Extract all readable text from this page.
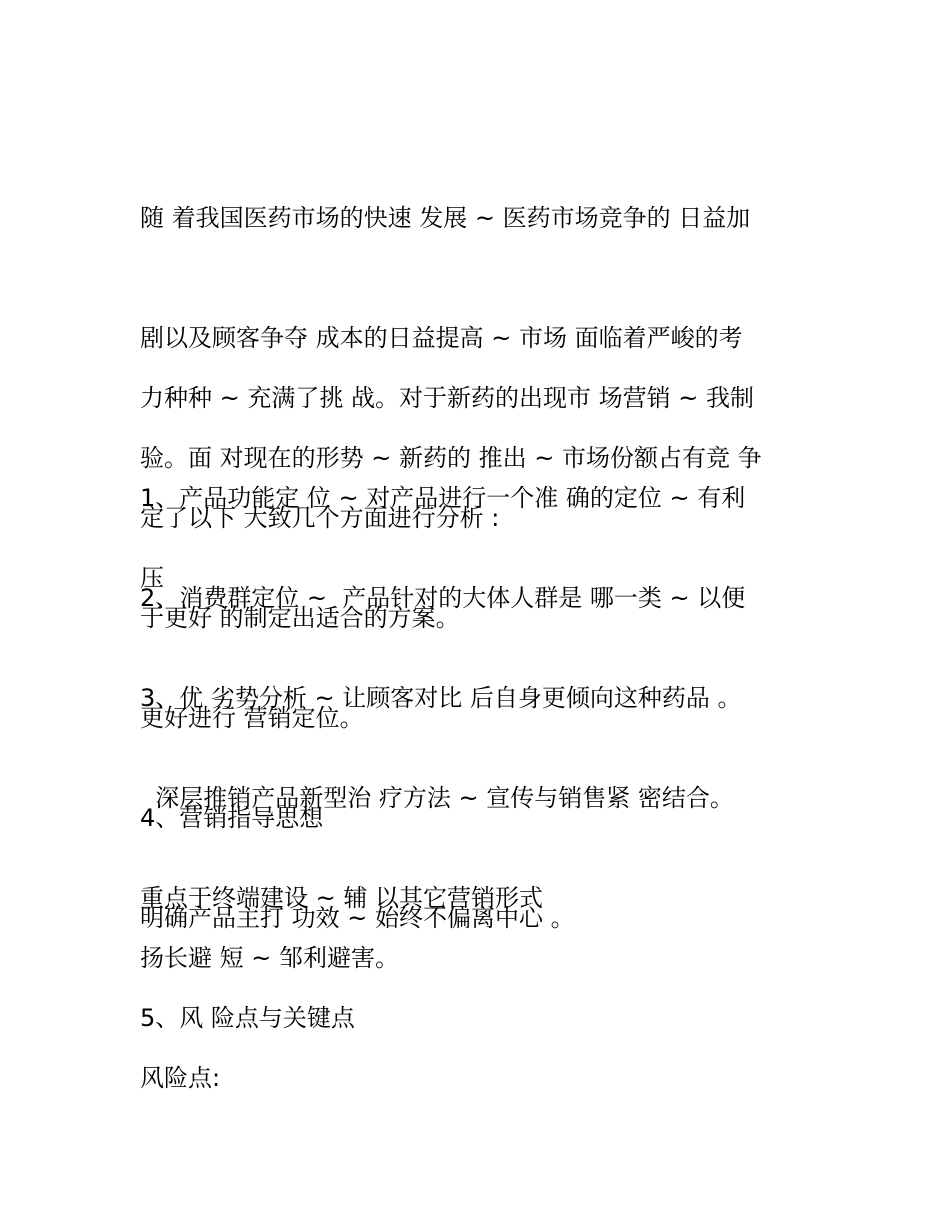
随 着我国医药市场的快速 发展 ~ 医药市场竞争的 日益加

剧以及顾客争夺 成本的日益提高 ~ 市场 面临着严峻的考

验。面 对现在的形势 ~ 新药的 推出 ~ 市场份额占有竞 争

压

力种种 ~ 充满了挑 战。对于新药的出现市 场营销 ~ 我制

定了以下 大致几个方面进行分析 :

1、产品功能定 位 ~ 对产品进行一个准 确的定位 ~ 有利

于更好 的制定出适合的方案。

2、消费群定位 ~  产品针对的大体人群是 哪一类 ~ 以便

更好进行 营销定位。

3、优 劣势分析 ~ 让顾客对比 后自身更倾向这种药品 。

4、营销指导思想

深层推销产品新型治 疗方法 ~ 宣传与销售紧 密结合。

明确产品主打 功效 ~ 始终不偏离中心 。

重点于终端建设 ~ 辅 以其它营销形式

扬长避 短 ~ 邹利避害。

5、风 险点与关键点

风险点:
